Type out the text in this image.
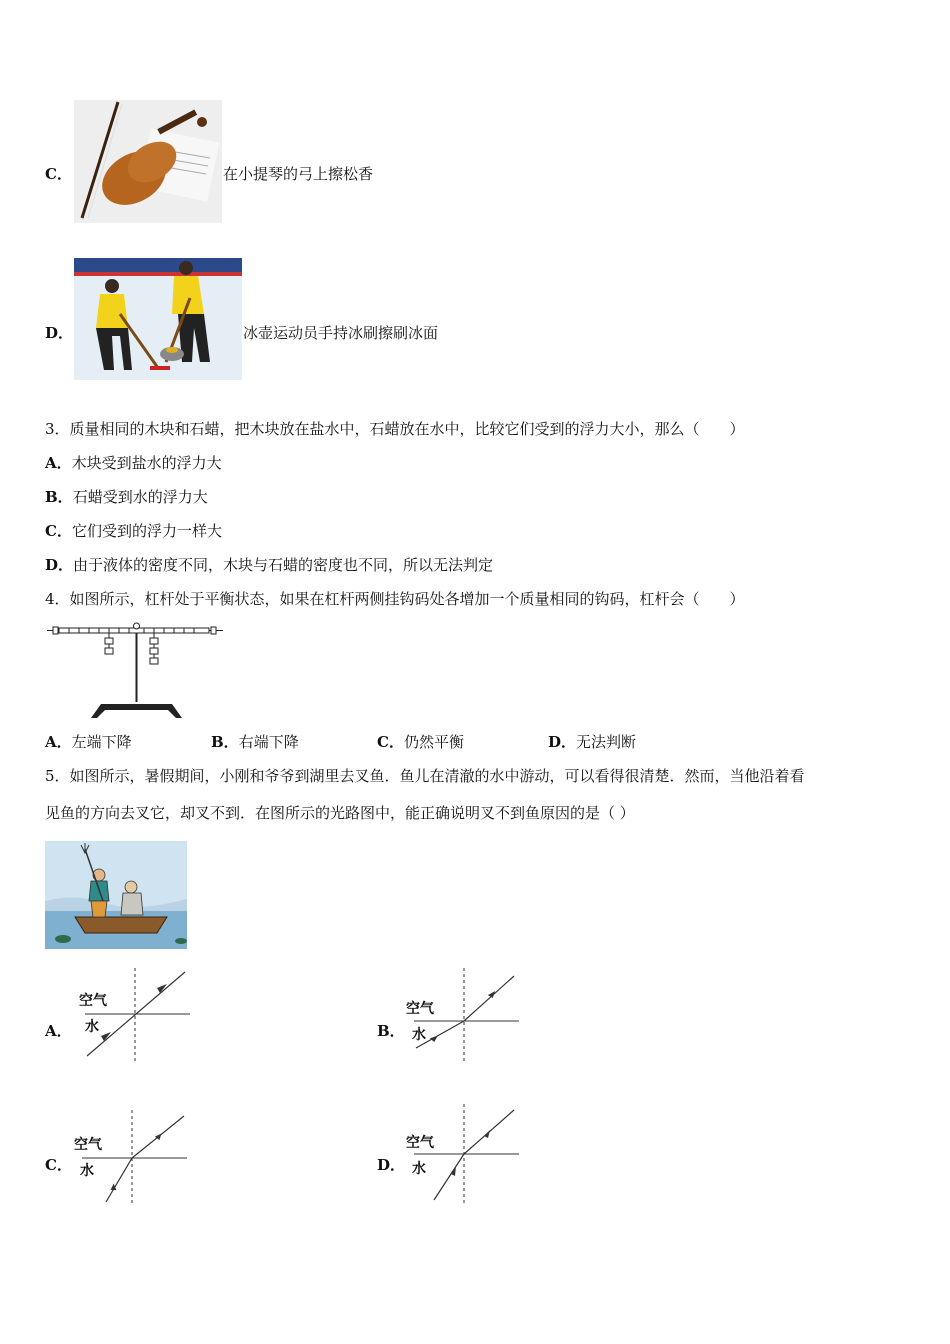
C．	在小提琴的弓上擦松香
D．	冰壶运动员手持冰刷擦刷冰面
3．质量相同的木块和石蜡，把木块放在盐水中，石蜡放在水中，比较它们受到的浮力大小，那么（　　）
A．木块受到盐水的浮力大
B．石蜡受到水的浮力大
C．它们受到的浮力一样大
D．由于液体的密度不同，木块与石蜡的密度也不同，所以无法判定
4．如图所示，杠杆处于平衡状态，如果在杠杆两侧挂钩码处各增加一个质量相同的钩码，杠杆会（　　）
A．左端下降	B．右端下降	C．仍然平衡	D．无法判断
5．如图所示，暑假期间，小刚和爷爷到湖里去叉鱼．鱼儿在清澈的水中游动，可以看得很清楚．然而，当他沿着看
见鱼的方向去叉它，却叉不到．在图所示的光路图中，能正确说明叉不到鱼原因的是（ ）
A．
空气
水	B．
空气
水
C．
空气
水	D．
空气
水
